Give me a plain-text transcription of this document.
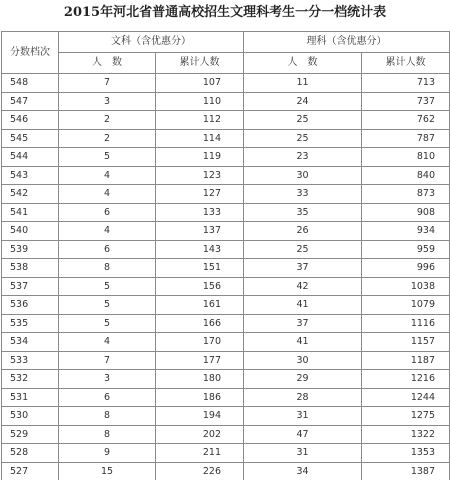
2015年河北省普通高校招生文理科考生一分一档统计表
分数档次	文科（含优惠分）		理科（含优惠分）	
	人　数	累计人数	人　数	累计人数
548	7	107	11	713
547	3	110	24	737
546	2	112	25	762
545	2	114	25	787
544	5	119	23	810
543	4	123	30	840
542	4	127	33	873
541	6	133	35	908
540	4	137	26	934
539	6	143	25	959
538	8	151	37	996
537	5	156	42	1038
536	5	161	41	1079
535	5	166	37	1116
534	4	170	41	1157
533	7	177	30	1187
532	3	180	29	1216
531	6	186	28	1244
530	8	194	31	1275
529	8	202	47	1322
528	9	211	31	1353
527	15	226	34	1387
